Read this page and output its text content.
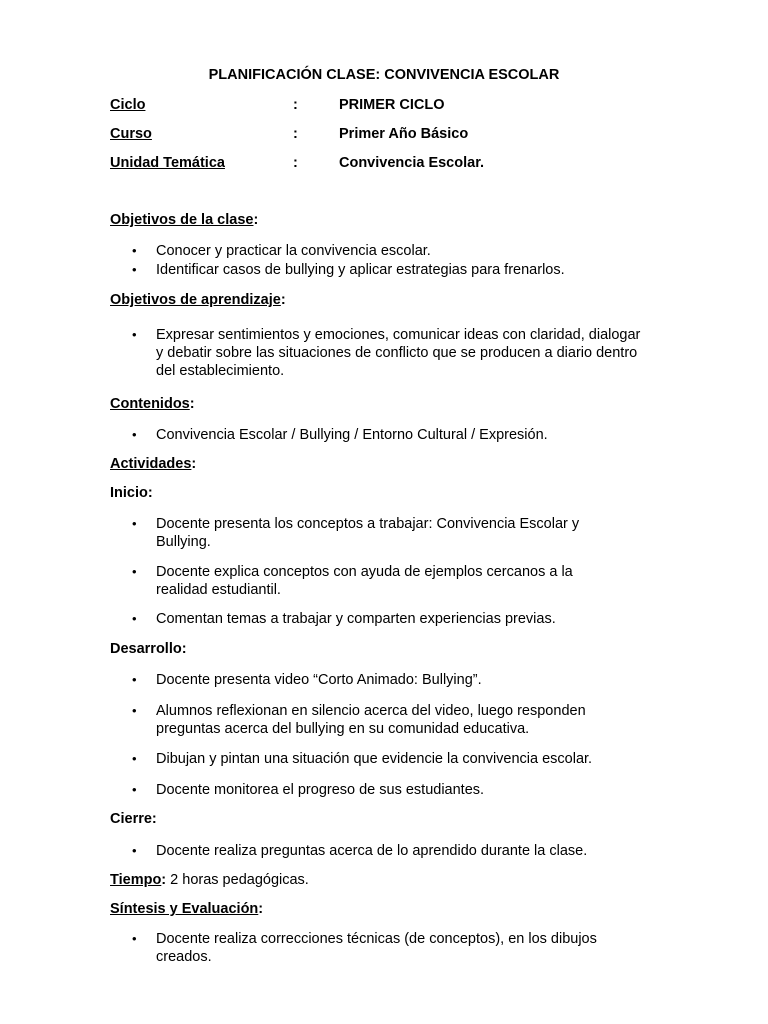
PLANIFICACIÓN CLASE: CONVIVENCIA ESCOLAR
Ciclo	:	PRIMER CICLO
Curso	:	Primer Año Básico
Unidad Temática	:	Convivencia Escolar.
Objetivos de la clase:
• Conocer y practicar la convivencia escolar.
• Identificar casos de bullying y aplicar estrategias para frenarlos.
Objetivos de aprendizaje:
• Expresar sentimientos y emociones, comunicar ideas con claridad, dialogar y debatir sobre las situaciones de conflicto que se producen a diario dentro del establecimiento.
Contenidos:
• Convivencia Escolar / Bullying / Entorno Cultural / Expresión.
Actividades:
Inicio:
• Docente presenta los conceptos a trabajar: Convivencia Escolar y Bullying.
• Docente explica conceptos con ayuda de ejemplos cercanos a la realidad estudiantil.
• Comentan temas a trabajar y comparten experiencias previas.
Desarrollo:
• Docente presenta video “Corto Animado: Bullying”.
• Alumnos reflexionan en silencio acerca del video, luego responden preguntas acerca del bullying en su comunidad educativa.
• Dibujan y pintan una situación que evidencie la convivencia escolar.
• Docente monitorea el progreso de sus estudiantes.
Cierre:
• Docente realiza preguntas acerca de lo aprendido durante la clase.
Tiempo: 2 horas pedagógicas.
Síntesis y Evaluación:
• Docente realiza correcciones técnicas (de conceptos), en los dibujos creados.
